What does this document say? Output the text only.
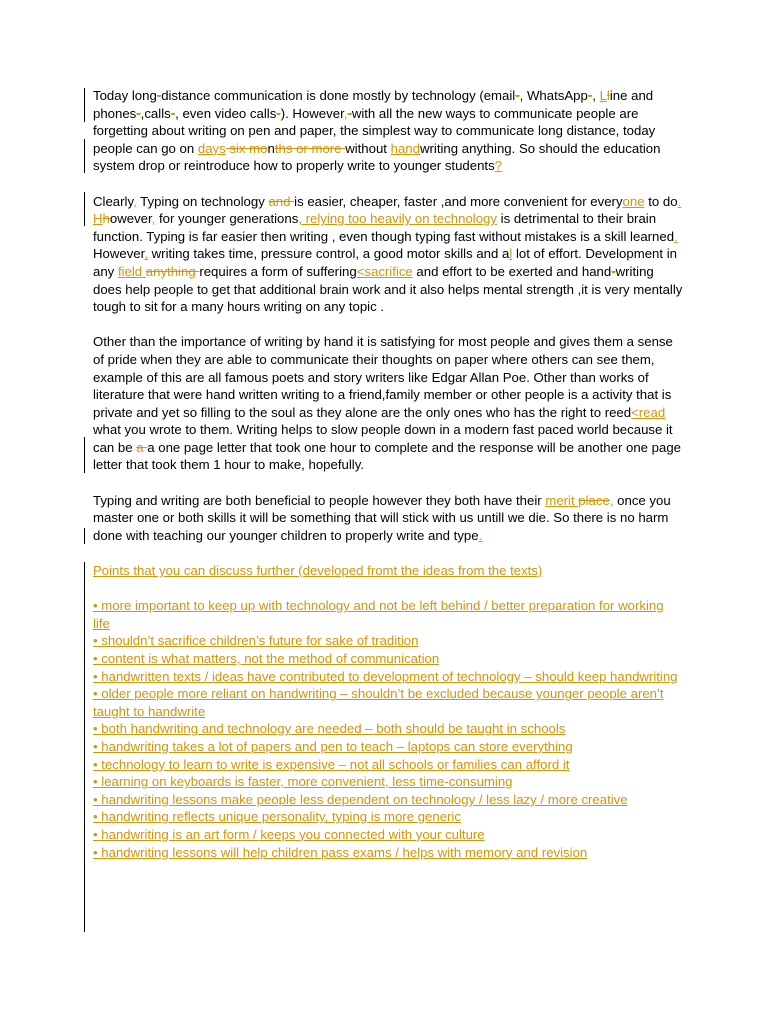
Today long-distance communication is done mostly by technology (email-, WhatsApp-, Lline and phones-,calls-, even video calls-). However,-with all the new ways to communicate people are forgetting about writing on pen and paper, the simplest way to communicate long distance, today people can go on days six months or more without handwriting anything. So should the education system drop or reintroduce how to properly write to younger students?

Clearly, Typing on technology and is easier, cheaper, faster ,and more convenient for everyone to do. Hhowever, for younger generations, relying too heavily on technology is detrimental to their brain function. Typing is far easier then writing , even though typing fast without mistakes is a skill learned. However, writing takes time, pressure control, a good motor skills and al lot of effort. Development in any field anything requires a form of suffering<sacrifice and effort to be exerted and hand-writing does help people to get that additional brain work and it also helps mental strength ,it is very mentally tough to sit for a many hours writing on any topic .

Other than the importance of writing by hand it is satisfying for most people and gives them a sense of pride when they are able to communicate their thoughts on paper where others can see them, example of this are all famous poets and story writers like Edgar Allan Poe. Other than works of literature that were hand written writing to a friend,family member or other people is a activity that is private and yet so filling to the soul as they alone are the only ones who has the right to reed<read what you wrote to them. Writing helps to slow people down in a modern fast paced world because it can be a a one page letter that took one hour to complete and the response will be another one page letter that took them 1 hour to make, hopefully.

Typing and writing are both beneficial to people however they both have their merit place, once you master one or both skills it will be something that will stick with us untill we die. So there is no harm done with teaching our younger children to properly write and type.

Points that you can discuss further (developed fromt the ideas from the texts)
• more important to keep up with technology and not be left behind / better preparation for working life
• shouldn’t sacrifice children’s future for sake of tradition
• content is what matters, not the method of communication
• handwritten texts / ideas have contributed to development of technology – should keep handwriting
• older people more reliant on handwriting – shouldn’t be excluded because younger people aren’t taught to handwrite
• both handwriting and technology are needed – both should be taught in schools
• handwriting takes a lot of papers and pen to teach – laptops can store everything
• technology to learn to write is expensive – not all schools or families can afford it
• learning on keyboards is faster, more convenient, less time-consuming
• handwriting lessons make people less dependent on technology / less lazy / more creative
• handwriting reflects unique personality, typing is more generic
• handwriting is an art form / keeps you connected with your culture
• handwriting lessons will help children pass exams / helps with memory and revision
